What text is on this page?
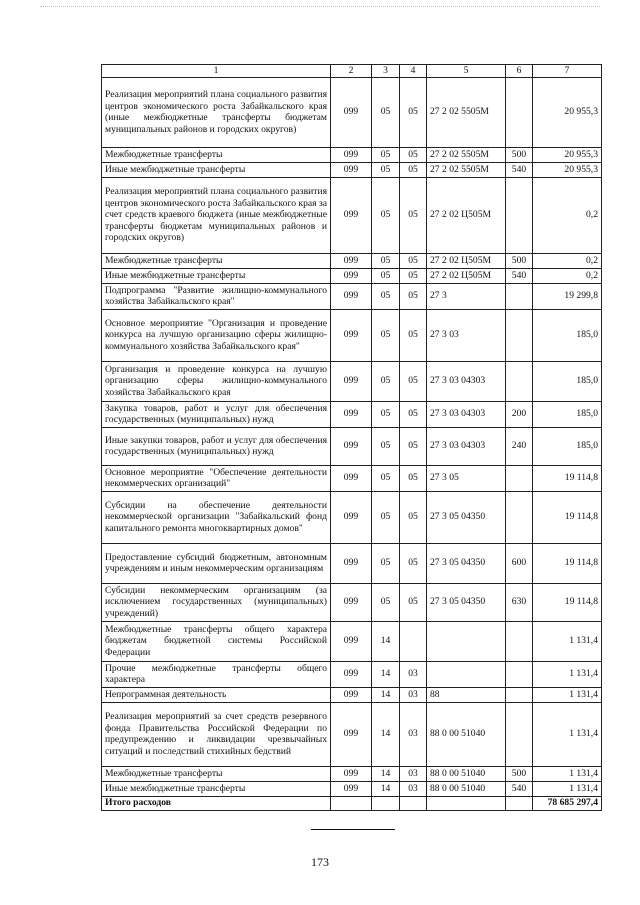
1	2	3	4	5	6	7
Реализация мероприятий плана социального развития центров экономического роста Забайкальского края (иные межбюджетные трансферты бюджетам муниципальных районов и городских округов)	099	05	05	27 2 02 5505М		20 955,3
Межбюджетные трансферты	099	05	05	27 2 02 5505М	500	20 955,3
Иные межбюджетные трансферты	099	05	05	27 2 02 5505М	540	20 955,3
Реализация мероприятий плана социального развития центров экономического роста Забайкальского края за счет средств краевого бюджета (иные межбюджетные трансферты бюджетам муниципальных районов и городских округов)	099	05	05	27 2 02 Ц505М		0,2
Межбюджетные трансферты	099	05	05	27 2 02 Ц505М	500	0,2
Иные межбюджетные трансферты	099	05	05	27 2 02 Ц505М	540	0,2
Подпрограмма "Развитие жилищно-коммунального хозяйства Забайкальского края"	099	05	05	27 3		19 299,8
Основное мероприятие "Организация и проведение конкурса на лучшую организацию сферы жилищно-коммунального хозяйства Забайкальского края"	099	05	05	27 3 03		185,0
Организация и проведение конкурса на лучшую организацию сферы жилищно-коммунального хозяйства Забайкальского края	099	05	05	27 3 03 04303		185,0
Закупка товаров, работ и услуг для обеспечения государственных (муниципальных) нужд	099	05	05	27 3 03 04303	200	185,0
Иные закупки товаров, работ и услуг для обеспечения государственных (муниципальных) нужд	099	05	05	27 3 03 04303	240	185,0
Основное мероприятие "Обеспечение деятельности некоммерческих организаций"	099	05	05	27 3 05		19 114,8
Субсидии на обеспечение деятельности некоммерческой организации "Забайкальский фонд капитального ремонта многоквартирных домов"	099	05	05	27 3 05 04350		19 114,8
Предоставление субсидий бюджетным, автономным учреждениям и иным некоммерческим организациям	099	05	05	27 3 05 04350	600	19 114,8
Субсидии некоммерческим организациям (за исключением государственных (муниципальных) учреждений)	099	05	05	27 3 05 04350	630	19 114,8
Межбюджетные трансферты общего характера бюджетам бюджетной системы Российской Федерации	099	14				1 131,4
Прочие межбюджетные трансферты общего характера	099	14	03			1 131,4
Непрограммная деятельность	099	14	03	88		1 131,4
Реализация мероприятий за счет средств резервного фонда Правительства Российской Федерации по предупреждению и ликвидации чрезвычайных ситуаций и последствий стихийных бедствий	099	14	03	88 0 00 51040		1 131,4
Межбюджетные трансферты	099	14	03	88 0 00 51040	500	1 131,4
Иные межбюджетные трансферты	099	14	03	88 0 00 51040	540	1 131,4
Итого расходов						78 685 297,4
173
